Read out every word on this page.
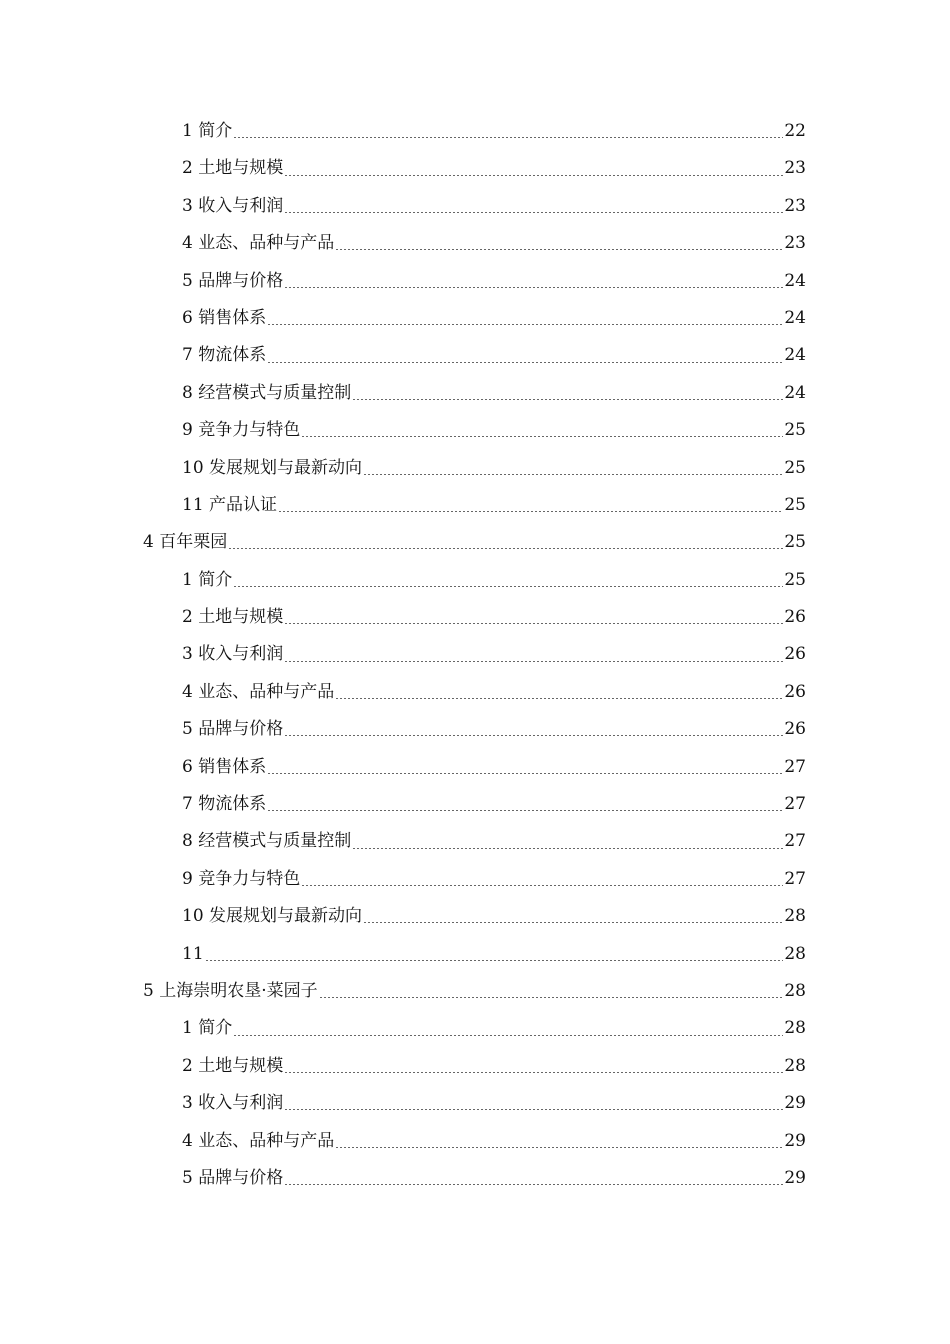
1 简介	22
2 土地与规模	23
3 收入与利润	23
4 业态、品种与产品	23
5 品牌与价格	24
6 销售体系	24
7 物流体系	24
8 经营模式与质量控制	24
9 竞争力与特色	25
10 发展规划与最新动向	25
11 产品认证	25
4 百年栗园	25
1 简介	25
2 土地与规模	26
3 收入与利润	26
4 业态、品种与产品	26
5 品牌与价格	26
6 销售体系	27
7 物流体系	27
8 经营模式与质量控制	27
9 竞争力与特色	27
10 发展规划与最新动向	28
11	28
5 上海崇明农垦·菜园子	28
1 简介	28
2 土地与规模	28
3 收入与利润	29
4 业态、品种与产品	29
5 品牌与价格	29
